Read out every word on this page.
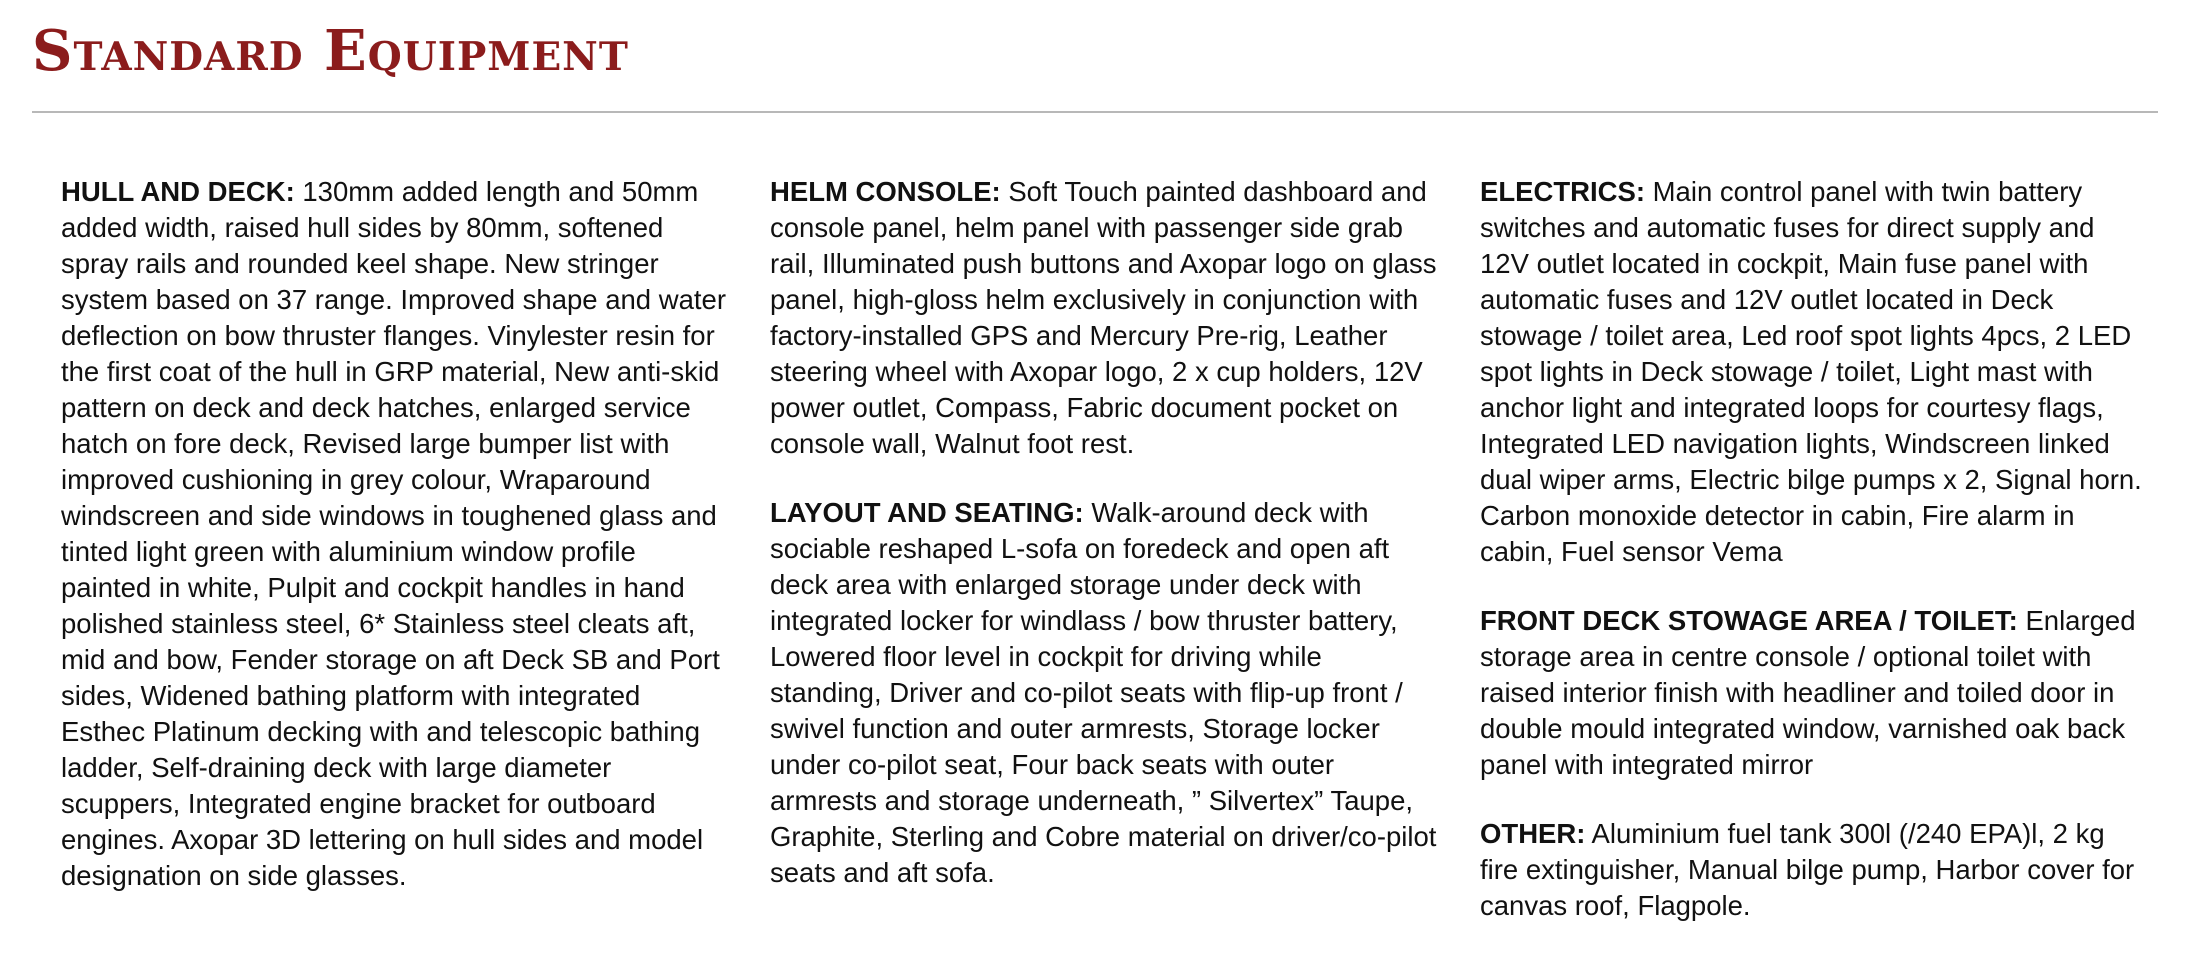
Standard Equipment

HULL AND DECK: 130mm added length and 50mm added width, raised hull sides by 80mm, softened spray rails and rounded keel shape. New stringer system based on 37 range. Improved shape and water deflection on bow thruster flanges. Vinylester resin for the first coat of the hull in GRP material, New anti-skid pattern on deck and deck hatches, enlarged service hatch on fore deck, Revised large bumper list with improved cushioning in grey colour, Wraparound windscreen and side windows in toughened glass and tinted light green with aluminium window profile painted in white, Pulpit and cockpit handles in hand polished stainless steel, 6* Stainless steel cleats aft, mid and bow, Fender storage on aft Deck SB and Port sides, Widened bathing platform with integrated Esthec Platinum decking with and telescopic bathing ladder, Self-draining deck with large diameter scuppers, Integrated engine bracket for outboard engines. Axopar 3D lettering on hull sides and model designation on side glasses.

HELM CONSOLE: Soft Touch painted dashboard and console panel, helm panel with passenger side grab rail, Illuminated push buttons and Axopar logo on glass panel, high-gloss helm exclusively in conjunction with factory-installed GPS and Mercury Pre-rig, Leather steering wheel with Axopar logo, 2 x cup holders, 12V power outlet, Compass, Fabric document pocket on console wall, Walnut foot rest.

LAYOUT AND SEATING: Walk-around deck with sociable reshaped L-sofa on foredeck and open aft deck area with enlarged storage under deck with integrated locker for windlass / bow thruster battery, Lowered floor level in cockpit for driving while standing, Driver and co-pilot seats with flip-up front / swivel function and outer armrests, Storage locker under co-pilot seat, Four back seats with outer armrests and storage underneath, ” Silvertex” Taupe, Graphite, Sterling and Cobre material on driver/co-pilot seats and aft sofa.

ELECTRICS: Main control panel with twin battery switches and automatic fuses for direct supply and 12V outlet located in cockpit, Main fuse panel with automatic fuses and 12V outlet located in Deck stowage / toilet area, Led roof spot lights 4pcs, 2 LED spot lights in Deck stowage / toilet, Light mast with anchor light and integrated loops for courtesy flags, Integrated LED navigation lights, Windscreen linked dual wiper arms, Electric bilge pumps x 2, Signal horn. Carbon monoxide detector in cabin, Fire alarm in cabin, Fuel sensor Vema

FRONT DECK STOWAGE AREA / TOILET: Enlarged storage area in centre console / optional toilet with raised interior finish with headliner and toiled door in double mould integrated window, varnished oak back panel with integrated mirror

OTHER: Aluminium fuel tank 300l (/240 EPA)l, 2 kg fire extinguisher, Manual bilge pump, Harbor cover for canvas roof, Flagpole.
